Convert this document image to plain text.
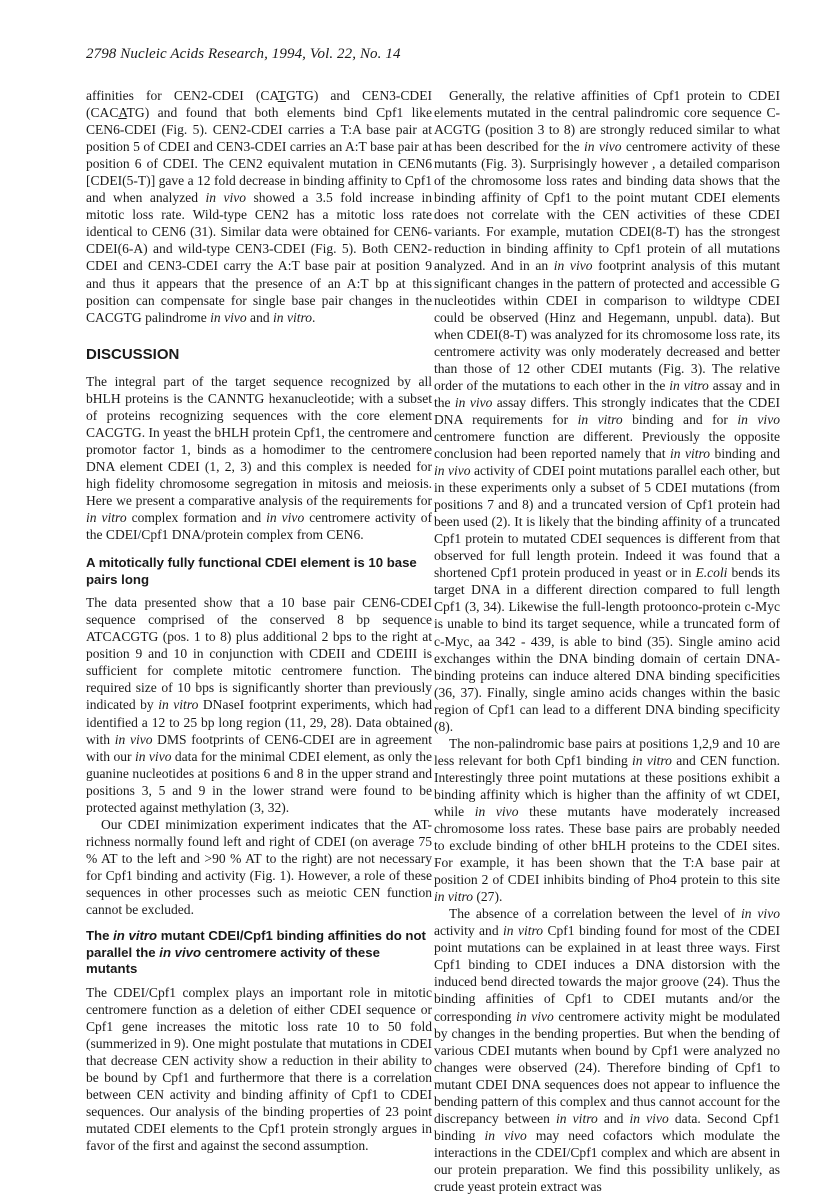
2798 Nucleic Acids Research, 1994, Vol. 22, No. 14

affinities for CEN2-CDEI (CATGTG) and CEN3-CDEI (CACATG) and found that both elements bind Cpf1 like CEN6-CDEI (Fig. 5). CEN2-CDEI carries a T:A base pair at position 5 of CDEI and CEN3-CDEI carries an A:T base pair at position 6 of CDEI. The CEN2 equivalent mutation in CEN6 [CDEI(5-T)] gave a 12 fold decrease in binding affinity to Cpf1 and when analyzed in vivo showed a 3.5 fold increase in mitotic loss rate. Wild-type CEN2 has a mitotic loss rate identical to CEN6 (31). Similar data were obtained for CEN6-CDEI(6-A) and wild-type CEN3-CDEI (Fig. 5). Both CEN2-CDEI and CEN3-CDEI carry the A:T base pair at position 9 and thus it appears that the presence of an A:T bp at this position can compensate for single base pair changes in the CACGTG palindrome in vivo and in vitro.

DISCUSSION

The integral part of the target sequence recognized by all bHLH proteins is the CANNTG hexanucleotide; with a subset of proteins recognizing sequences with the core element CACGTG. In yeast the bHLH protein Cpf1, the centromere and promotor factor 1, binds as a homodimer to the centromere DNA element CDEI (1, 2, 3) and this complex is needed for high fidelity chromosome segregation in mitosis and meiosis. Here we present a comparative analysis of the requirements for in vitro complex formation and in vivo centromere activity of the CDEI/Cpf1 DNA/protein complex from CEN6.

A mitotically fully functional CDEI element is 10 base pairs long

The data presented show that a 10 base pair CEN6-CDEI sequence comprised of the conserved 8 bp sequence ATCACGTG (pos. 1 to 8) plus additional 2 bps to the right at position 9 and 10 in conjunction with CDEII and CDEIII is sufficient for complete mitotic centromere function. The required size of 10 bps is significantly shorter than previously indicated by in vitro DNaseI footprint experiments, which had identified a 12 to 25 bp long region (11, 29, 28). Data obtained with in vivo DMS footprints of CEN6-CDEI are in agreement with our in vivo data for the minimal CDEI element, as only the guanine nucleotides at positions 6 and 8 in the upper strand and positions 3, 5 and 9 in the lower strand were found to be protected against methylation (3, 32).

Our CDEI minimization experiment indicates that the AT-richness normally found left and right of CDEI (on average 75 % AT to the left and >90 % AT to the right) are not necessary for Cpf1 binding and activity (Fig. 1). However, a role of these sequences in other processes such as meiotic CEN function cannot be excluded.

The in vitro mutant CDEI/Cpf1 binding affinities do not parallel the in vivo centromere activity of these mutants

The CDEI/Cpf1 complex plays an important role in mitotic centromere function as a deletion of either CDEI sequence or Cpf1 gene increases the mitotic loss rate 10 to 50 fold (summerized in 9). One might postulate that mutations in CDEI that decrease CEN activity show a reduction in their ability to be bound by Cpf1 and furthermore that there is a correlation between CEN activity and binding affinity of Cpf1 to CDEI sequences. Our analysis of the binding properties of 23 point mutated CDEI elements to the Cpf1 protein strongly argues in favor of the first and against the second assumption.

Generally, the relative affinities of Cpf1 protein to CDEI elements mutated in the central palindromic core sequence C-ACGTG (position 3 to 8) are strongly reduced similar to what has been described for the in vivo centromere activity of these mutants (Fig. 3). Surprisingly however , a detailed comparison of the chromosome loss rates and binding data shows that the binding affinity of Cpf1 to the point mutant CDEI elements does not correlate with the CEN activities of these CDEI variants. For example, mutation CDEI(8-T) has the strongest reduction in binding affinity to Cpf1 protein of all mutations analyzed. And in an in vivo footprint analysis of this mutant significant changes in the pattern of protected and accessible G nucleotides within CDEI in comparison to wildtype CDEI could be observed (Hinz and Hegemann, unpubl. data). But when CDEI(8-T) was analyzed for its chromosome loss rate, its centromere activity was only moderately decreased and better than those of 12 other CDEI mutants (Fig. 3). The relative order of the mutations to each other in the in vitro assay and in the in vivo assay differs. This strongly indicates that the CDEI DNA requirements for in vitro binding and for in vivo centromere function are different. Previously the opposite conclusion had been reported namely that in vitro binding and in vivo activity of CDEI point mutations parallel each other, but in these experiments only a subset of 5 CDEI mutations (from positions 7 and 8) and a truncated version of Cpf1 protein had been used (2). It is likely that the binding affinity of a truncated Cpf1 protein to mutated CDEI sequences is different from that observed for full length protein. Indeed it was found that a shortened Cpf1 protein produced in yeast or in E.coli bends its target DNA in a different direction compared to full length Cpf1 (3, 34). Likewise the full-length protoonco-protein c-Myc is unable to bind its target sequence, while a truncated form of c-Myc, aa 342 - 439, is able to bind (35). Single amino acid exchanges within the DNA binding domain of certain DNA-binding proteins can induce altered DNA binding specificities (36, 37). Finally, single amino acids changes within the basic region of Cpf1 can lead to a different DNA binding specificity (8).

The non-palindromic base pairs at positions 1,2,9 and 10 are less relevant for both Cpf1 binding in vitro and CEN function. Interestingly three point mutations at these positions exhibit a binding affinity which is higher than the affinity of wt CDEI, while in vivo these mutants have moderately increased chromosome loss rates. These base pairs are probably needed to exclude binding of other bHLH proteins to the CDEI sites. For example, it has been shown that the T:A base pair at position 2 of CDEI inhibits binding of Pho4 protein to this site in vitro (27).

The absence of a correlation between the level of in vivo activity and in vitro Cpf1 binding found for most of the CDEI point mutations can be explained in at least three ways. First Cpf1 binding to CDEI induces a DNA distorsion with the induced bend directed towards the major groove (24). Thus the binding affinities of Cpf1 to CDEI mutants and/or the corresponding in vivo centromere activity might be modulated by changes in the bending properties. But when the bending of various CDEI mutants when bound by Cpf1 were analyzed no changes were observed (24). Therefore binding of Cpf1 to mutant CDEI DNA sequences does not appear to influence the bending pattern of this complex and thus cannot account for the discrepancy between in vitro and in vivo data. Second Cpf1 binding in vivo may need cofactors which modulate the interactions in the CDEI/Cpf1 complex and which are absent in our protein preparation. We find this possibility unlikely, as crude yeast protein extract was
